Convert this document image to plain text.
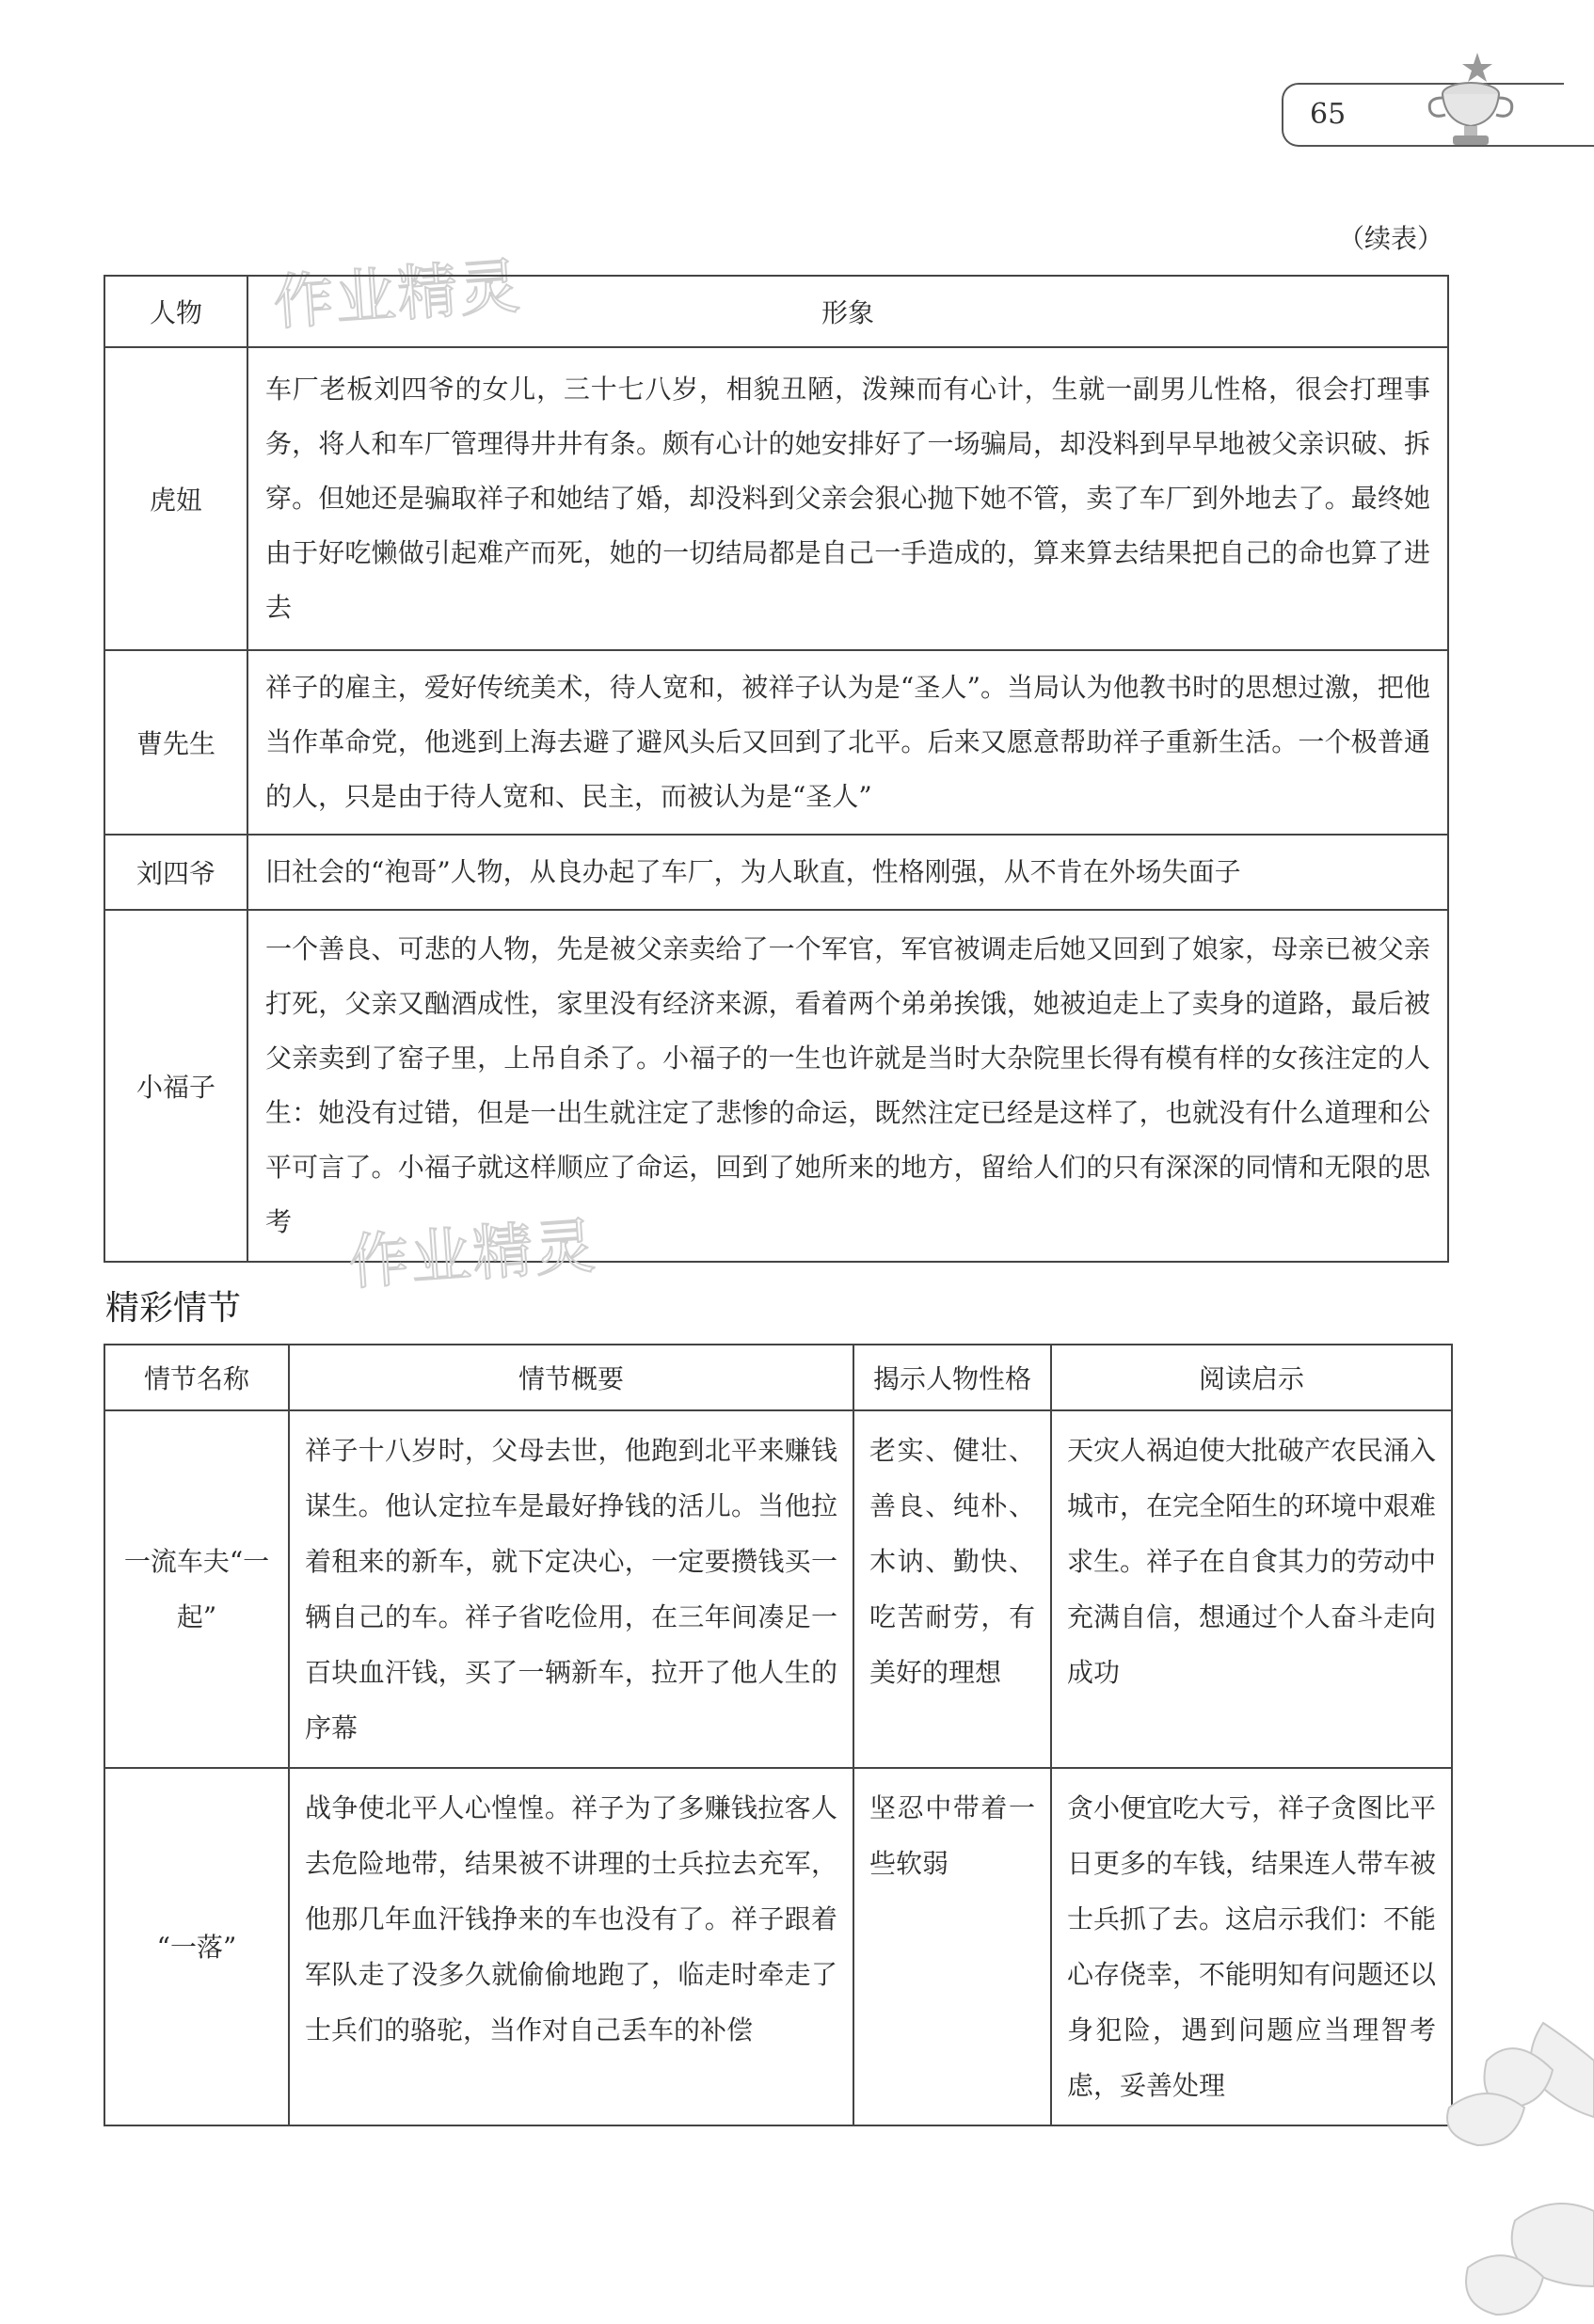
65
（续表）
作业精灵
人物	形象
虎妞	车厂老板刘四爷的女儿，三十七八岁，相貌丑陋，泼辣而有心计，生就一副男儿性格，很会打理事务，将人和车厂管理得井井有条。颇有心计的她安排好了一场骗局，却没料到早早地被父亲识破、拆穿。但她还是骗取祥子和她结了婚，却没料到父亲会狠心抛下她不管，卖了车厂到外地去了。最终她由于好吃懒做引起难产而死，她的一切结局都是自己一手造成的，算来算去结果把自己的命也算了进去
曹先生	祥子的雇主，爱好传统美术，待人宽和，被祥子认为是“圣人”。当局认为他教书时的思想过激，把他当作革命党，他逃到上海去避了避风头后又回到了北平。后来又愿意帮助祥子重新生活。一个极普通的人，只是由于待人宽和、民主，而被认为是“圣人”
刘四爷	旧社会的“袍哥”人物，从良办起了车厂，为人耿直，性格刚强，从不肯在外场失面子
小福子	一个善良、可悲的人物，先是被父亲卖给了一个军官，军官被调走后她又回到了娘家，母亲已被父亲打死，父亲又酗酒成性，家里没有经济来源，看着两个弟弟挨饿，她被迫走上了卖身的道路，最后被父亲卖到了窑子里，上吊自杀了。小福子的一生也许就是当时大杂院里长得有模有样的女孩注定的人生：她没有过错，但是一出生就注定了悲惨的命运，既然注定已经是这样了，也就没有什么道理和公平可言了。小福子就这样顺应了命运，回到了她所来的地方，留给人们的只有深深的同情和无限的思考 作业精灵
精彩情节
情节名称	情节概要	揭示人物性格	阅读启示
一流车夫“一起”	祥子十八岁时，父母去世，他跑到北平来赚钱谋生。他认定拉车是最好挣钱的活儿。当他拉着租来的新车，就下定决心，一定要攒钱买一辆自己的车。祥子省吃俭用，在三年间凑足一百块血汗钱，买了一辆新车，拉开了他人生的序幕	老实、健壮、善良、纯朴、木讷、勤快、吃苦耐劳，有美好的理想	天灾人祸迫使大批破产农民涌入城市，在完全陌生的环境中艰难求生。祥子在自食其力的劳动中充满自信，想通过个人奋斗走向成功
“一落”	战争使北平人心惶惶。祥子为了多赚钱拉客人去危险地带，结果被不讲理的士兵拉去充军，他那几年血汗钱挣来的车也没有了。祥子跟着军队走了没多久就偷偷地跑了，临走时牵走了士兵们的骆驼，当作对自己丢车的补偿	坚忍中带着一些软弱	贪小便宜吃大亏，祥子贪图比平日更多的车钱，结果连人带车被士兵抓了去。这启示我们：不能心存侥幸，不能明知有问题还以身犯险，遇到问题应当理智考虑，妥善处理
